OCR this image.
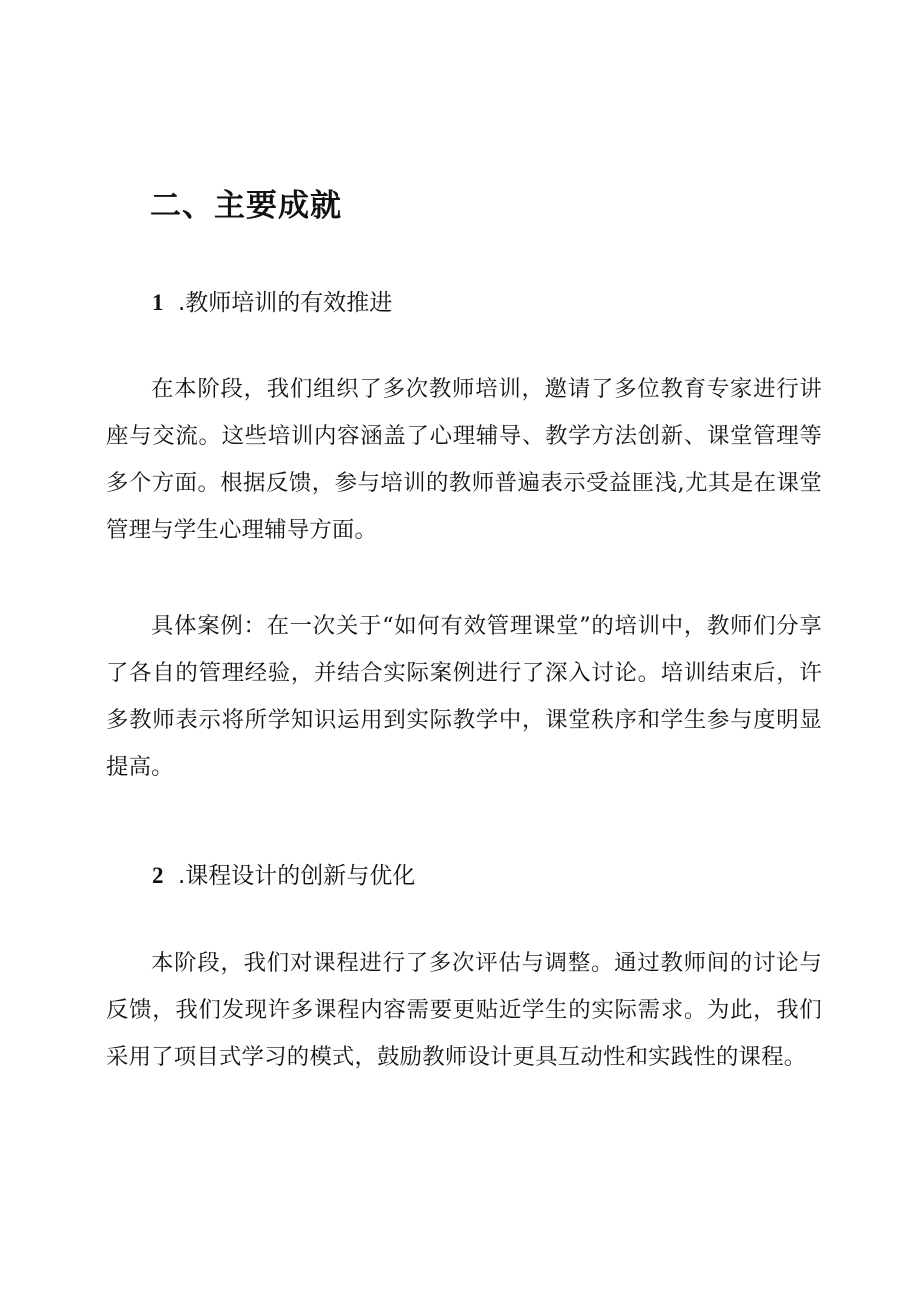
二、主要成就
1 .教师培训的有效推进

在本阶段，我们组织了多次教师培训，邀请了多位教育专家进行讲座与交流。这些培训内容涵盖了心理辅导、教学方法创新、课堂管理等多个方面。根据反馈，参与培训的教师普遍表示受益匪浅,尤其是在课堂管理与学生心理辅导方面。

具体案例：在一次关于“如何有效管理课堂”的培训中，教师们分享了各自的管理经验，并结合实际案例进行了深入讨论。培训结束后，许多教师表示将所学知识运用到实际教学中，课堂秩序和学生参与度明显提高。

2 .课程设计的创新与优化

本阶段，我们对课程进行了多次评估与调整。通过教师间的讨论与反馈，我们发现许多课程内容需要更贴近学生的实际需求。为此，我们采用了项目式学习的模式，鼓励教师设计更具互动性和实践性的课程。
